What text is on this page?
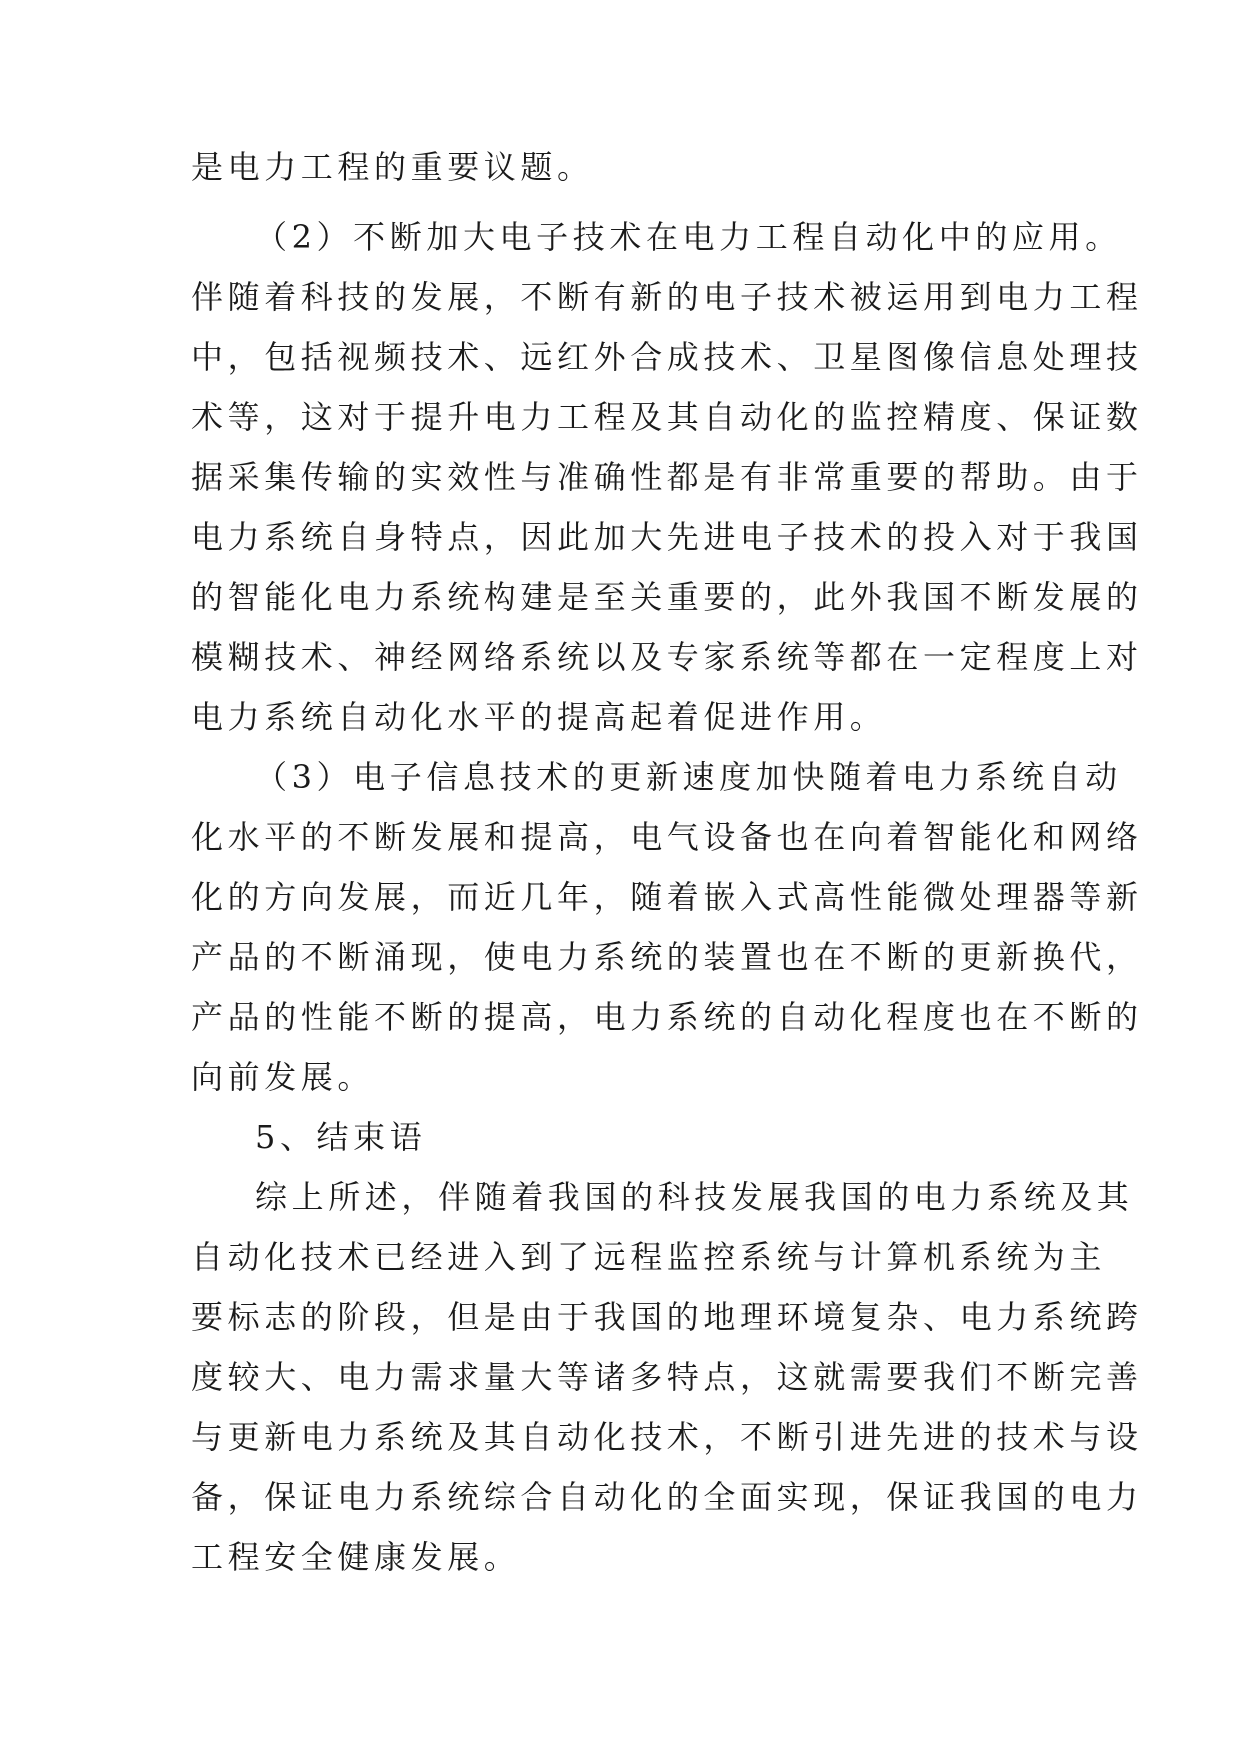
是电力工程的重要议题。
（2）不断加大电子技术在电力工程自动化中的应用。
伴随着科技的发展，不断有新的电子技术被运用到电力工程
中，包括视频技术、远红外合成技术、卫星图像信息处理技
术等，这对于提升电力工程及其自动化的监控精度、保证数
据采集传输的实效性与准确性都是有非常重要的帮助。由于
电力系统自身特点，因此加大先进电子技术的投入对于我国
的智能化电力系统构建是至关重要的，此外我国不断发展的
模糊技术、神经网络系统以及专家系统等都在一定程度上对
电力系统自动化水平的提高起着促进作用。
（3）电子信息技术的更新速度加快随着电力系统自动
化水平的不断发展和提高，电气设备也在向着智能化和网络
化的方向发展，而近几年，随着嵌入式高性能微处理器等新
产品的不断涌现，使电力系统的装置也在不断的更新换代，
产品的性能不断的提高，电力系统的自动化程度也在不断的
向前发展。
5、结束语
综上所述，伴随着我国的科技发展我国的电力系统及其
自动化技术已经进入到了远程监控系统与计算机系统为主
要标志的阶段，但是由于我国的地理环境复杂、电力系统跨
度较大、电力需求量大等诸多特点，这就需要我们不断完善
与更新电力系统及其自动化技术，不断引进先进的技术与设
备，保证电力系统综合自动化的全面实现，保证我国的电力
工程安全健康发展。
